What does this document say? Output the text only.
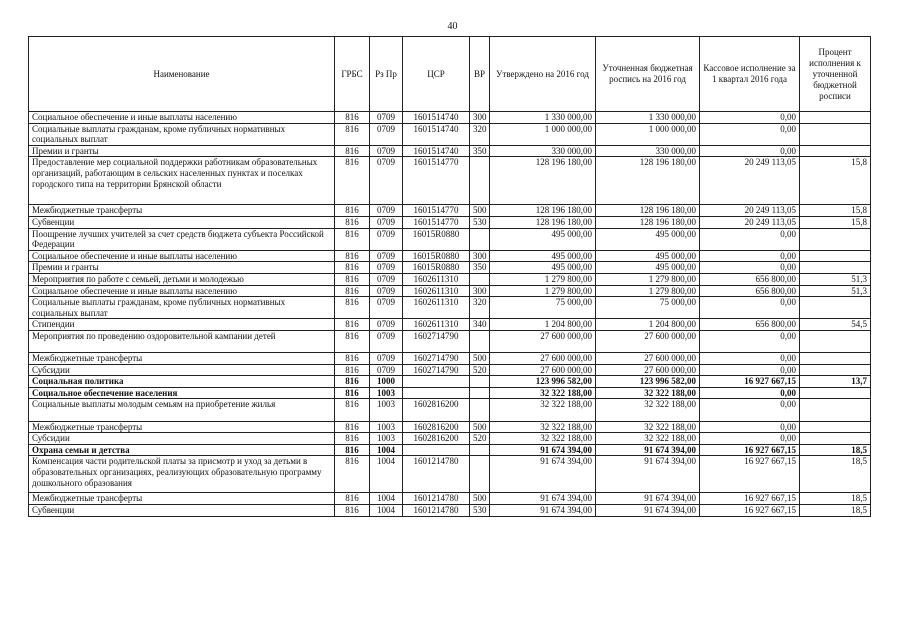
40
Наименование	ГРБС	Рз Пр	ЦСР	ВР	Утверждено на 2016 год	Уточненная бюджетная роспись на 2016 год	Кассовое исполнение за 1 квартал 2016 года	Процент исполнения к уточненной бюджетной росписи
Социальное обеспечение и иные выплаты населению	816	0709	1601514740	300	1 330 000,00	1 330 000,00	0,00	
Социальные выплаты гражданам, кроме публичных нормативных социальных выплат	816	0709	1601514740	320	1 000 000,00	1 000 000,00	0,00	
Премии и гранты	816	0709	1601514740	350	330 000,00	330 000,00	0,00	
Предоставление мер социальной поддержки работникам образовательных организаций, работающим в сельских населенных пунктах и поселках городского типа на территории Брянской области	816	0709	1601514770		128 196 180,00	128 196 180,00	20 249 113,05	15,8
Межбюджетные трансферты	816	0709	1601514770	500	128 196 180,00	128 196 180,00	20 249 113,05	15,8
Субвенции	816	0709	1601514770	530	128 196 180,00	128 196 180,00	20 249 113,05	15,8
Поощрение лучших учителей за счет средств бюджета субъекта Российской Федерации	816	0709	16015R0880		495 000,00	495 000,00	0,00	
Социальное обеспечение и иные выплаты населению	816	0709	16015R0880	300	495 000,00	495 000,00	0,00	
Премии и гранты	816	0709	16015R0880	350	495 000,00	495 000,00	0,00	
Мероприятия по работе с семьей, детьми и молодежью	816	0709	1602611310		1 279 800,00	1 279 800,00	656 800,00	51,3
Социальное обеспечение и иные выплаты населению	816	0709	1602611310	300	1 279 800,00	1 279 800,00	656 800,00	51,3
Социальные выплаты гражданам, кроме публичных нормативных социальных выплат	816	0709	1602611310	320	75 000,00	75 000,00	0,00	
Стипендии	816	0709	1602611310	340	1 204 800,00	1 204 800,00	656 800,00	54,5
Мероприятия по проведению оздоровительной кампании детей	816	0709	1602714790		27 600 000,00	27 600 000,00	0,00	
Межбюджетные трансферты	816	0709	1602714790	500	27 600 000,00	27 600 000,00	0,00	
Субсидии	816	0709	1602714790	520	27 600 000,00	27 600 000,00	0,00	
Социальная политика	816	1000			123 996 582,00	123 996 582,00	16 927 667,15	13,7
Социальное обеспечение населения	816	1003			32 322 188,00	32 322 188,00	0,00	
Социальные выплаты молодым семьям на приобретение жилья	816	1003	1602816200		32 322 188,00	32 322 188,00	0,00	
Межбюджетные трансферты	816	1003	1602816200	500	32 322 188,00	32 322 188,00	0,00	
Субсидии	816	1003	1602816200	520	32 322 188,00	32 322 188,00	0,00	
Охрана семьи и детства	816	1004			91 674 394,00	91 674 394,00	16 927 667,15	18,5
Компенсация части родительской платы за присмотр и уход за детьми в образовательных организациях, реализующих образовательную программу дошкольного образования	816	1004	1601214780		91 674 394,00	91 674 394,00	16 927 667,15	18,5
Межбюджетные трансферты	816	1004	1601214780	500	91 674 394,00	91 674 394,00	16 927 667,15	18,5
Субвенции	816	1004	1601214780	530	91 674 394,00	91 674 394,00	16 927 667,15	18,5
